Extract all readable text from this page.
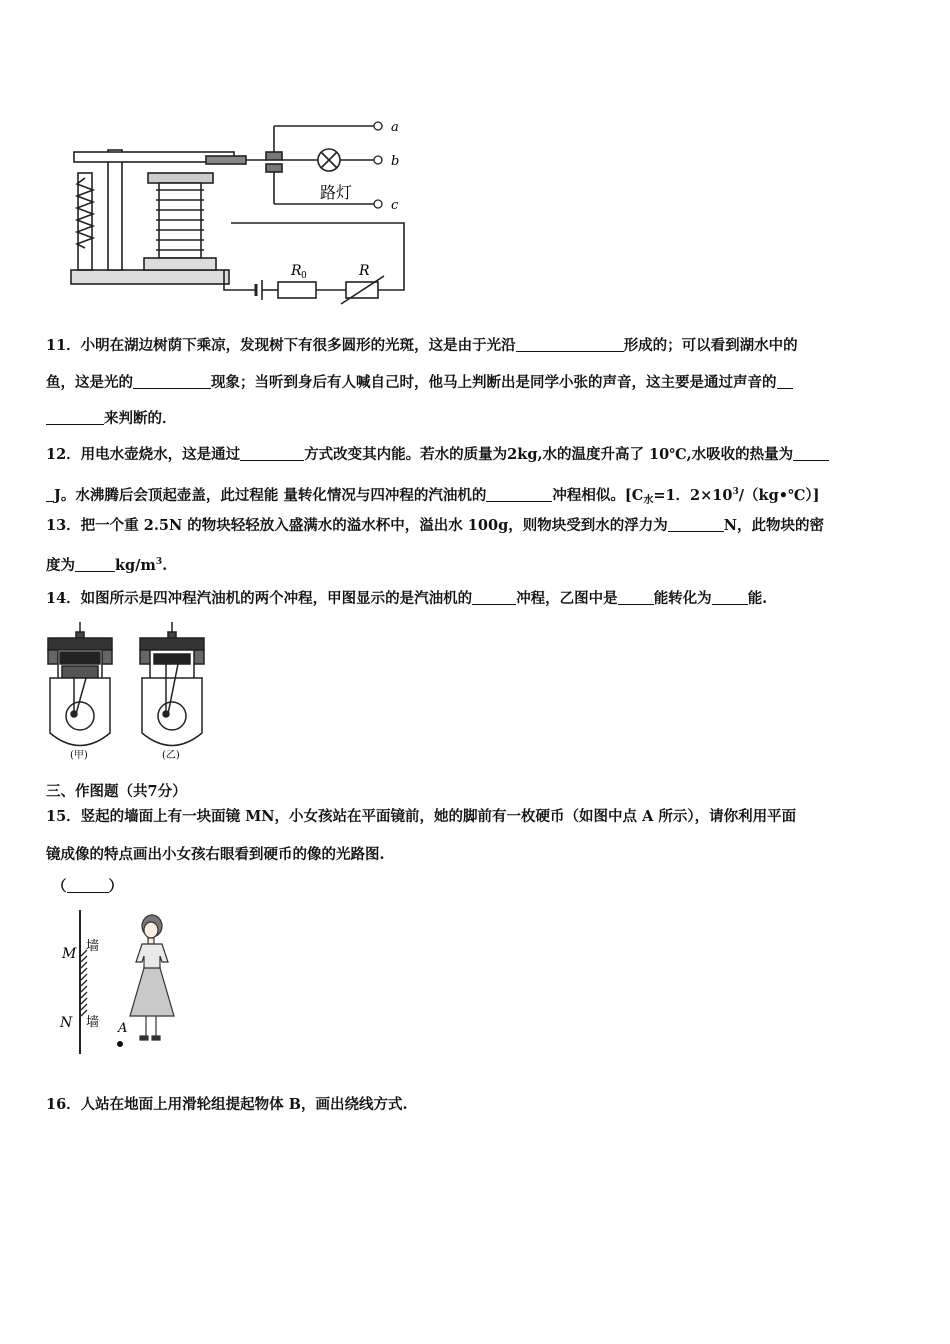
a
b
c
路灯
R 0	R
11．小明在湖边树荫下乘凉，发现树下有很多圆形的光斑，这是由于光沿	形成的；可以看到湖水中的
鱼，这是光的	现象；当听到身后有人喊自己时，他马上判断出是同学小张的声音，这主要是通过声音的
来判断的．
12．用电水壶烧水，这是通过	方式改变其内能。若水的质量为2kg,水的温度升高了 10℃,水吸收的热量为
J。水沸腾后会顶起壶盖，此过程能 量转化情况与四冲程的汽油机的	冲程相似。[$C_水=1$．$2\times 10^3/(kg•℃)$]
13．把一个重 2.5N 的物块轻轻放入盛满水的溢水杯中，溢出水 100g，则物块受到水的浮力为	N，此物块的密
度为	$kg/m^3$.
14．如图所示是四冲程汽油机的两个冲程，甲图显示的是汽油机的	冲程，乙图中是 能转化为 能.
(甲)	(乙)
三、作图题（共7分）
15．竖起的墙面上有一块面镜 MN，小女孩站在平面镜前，她的脚前有一枚硬币（如图中点 A 所示），请你利用平面
镜成像的特点画出小女孩右眼看到硬币的像的光路图.
（	）
M
N
墙
墙 A
16．人站在地面上用滑轮组提起物体 B，画出绕线方式.
